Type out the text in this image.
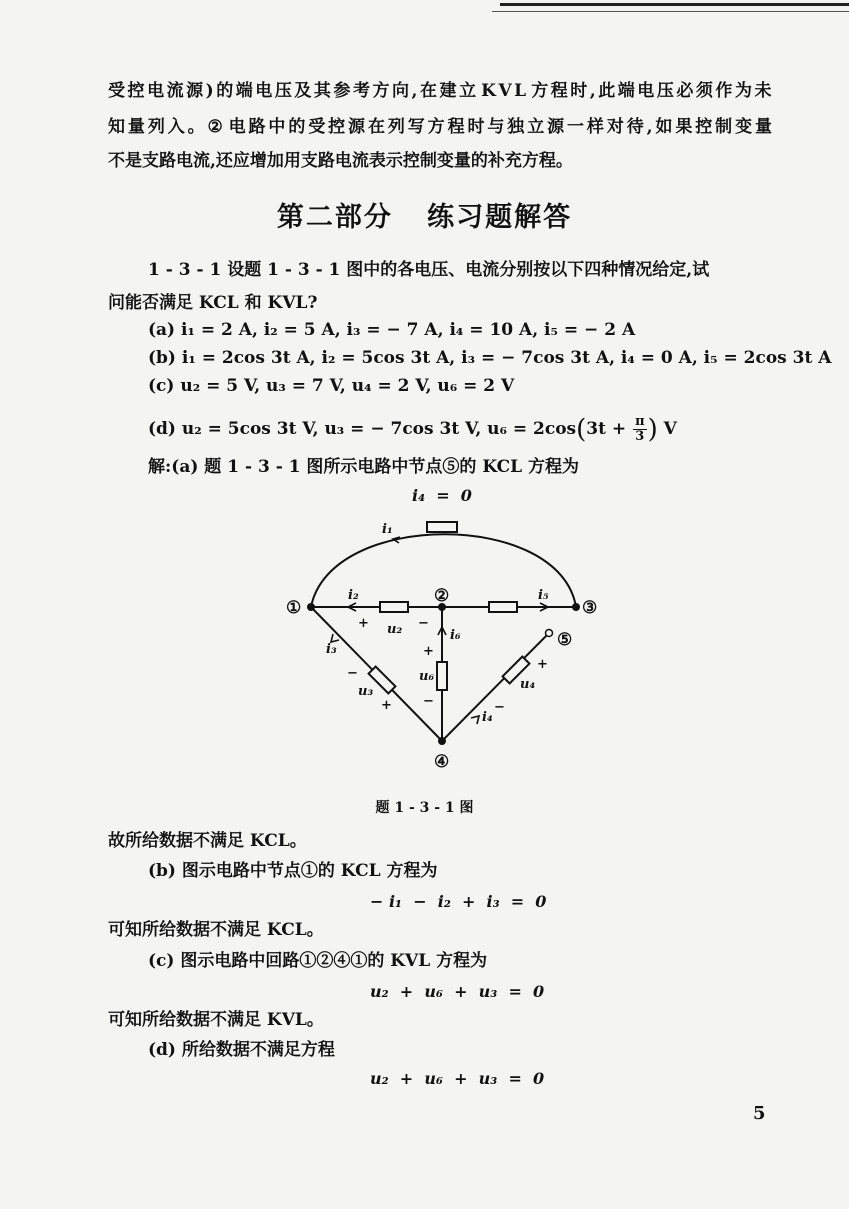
受 控 电 流 源 ) 的 端 电 压 及 其 参 考 方 向 , 在 建 立 K V L 方 程 时 , 此 端 电 压 必 须 作 为 未
知 量 列 入 。 ② 电 路 中 的 受 控 源 在 列 写 方 程 时 与 独 立 源 一 样 对 待 , 如 果 控 制 变 量
不是支路电流,还应增加用支路电流表示控制变量的补充方程。
第二部分   练习题解答
1 - 3 - 1 设题 1 - 3 - 1 图中的各电压、电流分别按以下四种情况给定,试
问能否满足 KCL 和 KVL?
(a) i₁ = 2 A, i₂ = 5 A, i₃ = − 7 A, i₄ = 10 A, i₅ = − 2 A
(b) i₁ = 2cos 3t A, i₂ = 5cos 3t A, i₃ = − 7cos 3t A, i₄ = 0 A, i₅ = 2cos 3t A
(c) u₂ = 5 V, u₃ = 7 V, u₄ = 2 V, u₆ = 2 V
(d) u₂ = 5cos 3t V, u₃ = − 7cos 3t V, $u_6 = 2\cos(3t + \frac{\pi}{3}$ ) V
解:(a) 题 1 - 3 - 1 图所示电路中节点⑤的 KCL 方程为
i₄  =  0
①
②
③
④
⑤
i₁
i₂	i₅
i₆
i₃
i₄
u₂
u₆
u₃	u₄
+	−
+
−
−
+
+
−
题 1 - 3 - 1 图
故所给数据不满足 KCL。
(b) 图示电路中节点①的 KCL 方程为
− i₁  −  i₂  +  i₃  =  0
可知所给数据不满足 KCL。
(c) 图示电路中回路①②④①的 KVL 方程为
u₂  +  u₆  +  u₃  =  0
可知所给数据不满足 KVL。
(d) 所给数据不满足方程
u₂  +  u₆  +  u₃  =  0
5
